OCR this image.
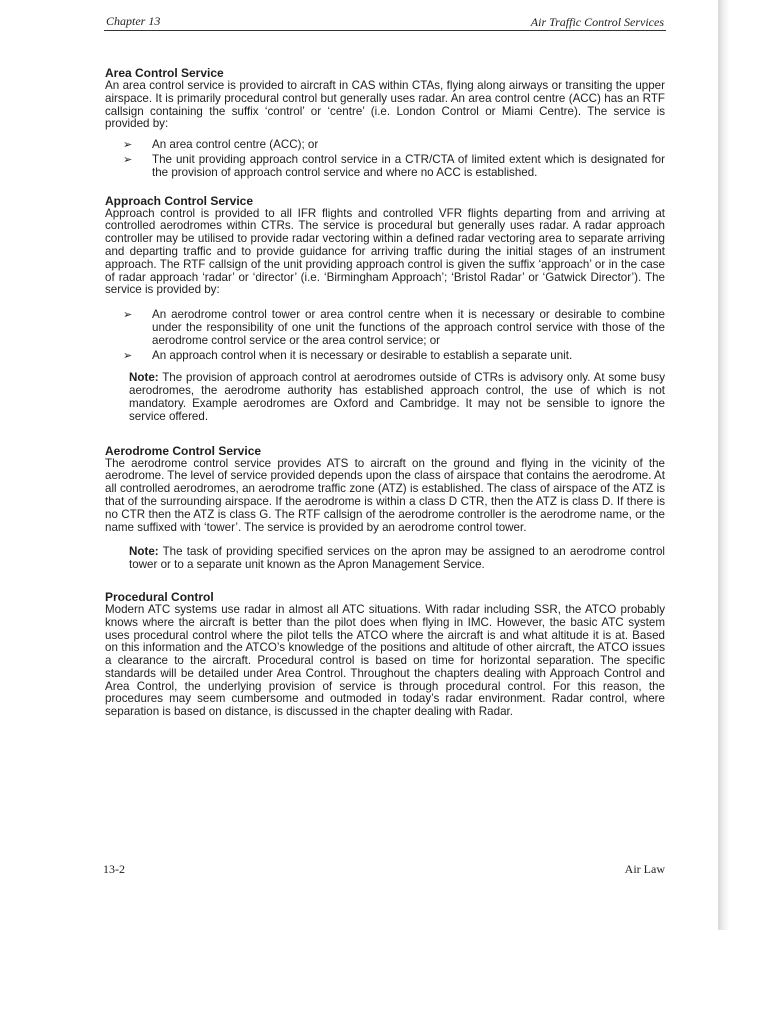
Chapter 13	Air Traffic Control Services
Area Control Service

An area control service is provided to aircraft in CAS within CTAs, flying along airways or transiting the upper airspace. It is primarily procedural control but generally uses radar. An area control centre (ACC) has an RTF callsign containing the suffix ‘control’ or ‘centre’ (i.e. London Control or Miami Centre). The service is provided by:

➢ An area control centre (ACC); or
➢ The unit providing approach control service in a CTR/CTA of limited extent which is designated for the provision of approach control service and where no ACC is established.
Approach Control Service

Approach control is provided to all IFR flights and controlled VFR flights departing from and arriving at controlled aerodromes within CTRs. The service is procedural but generally uses radar. A radar approach controller may be utilised to provide radar vectoring within a defined radar vectoring area to separate arriving and departing traffic and to provide guidance for arriving traffic during the initial stages of an instrument approach. The RTF callsign of the unit providing approach control is given the suffix ‘approach’ or in the case of radar approach ‘radar’ or ‘director’ (i.e. ‘Birmingham Approach’; ‘Bristol Radar’ or ‘Gatwick Director’). The service is provided by:

➢ An aerodrome control tower or area control centre when it is necessary or desirable to combine under the responsibility of one unit the functions of the approach control service with those of the aerodrome control service or the area control service; or
➢ An approach control when it is necessary or desirable to establish a separate unit.

Note: The provision of approach control at aerodromes outside of CTRs is advisory only. At some busy aerodromes, the aerodrome authority has established approach control, the use of which is not mandatory. Example aerodromes are Oxford and Cambridge. It may not be sensible to ignore the service offered.

Aerodrome Control Service

The aerodrome control service provides ATS to aircraft on the ground and flying in the vicinity of the aerodrome. The level of service provided depends upon the class of airspace that contains the aerodrome. At all controlled aerodromes, an aerodrome traffic zone (ATZ) is established. The class of airspace of the ATZ is that of the surrounding airspace. If the aerodrome is within a class D CTR, then the ATZ is class D. If there is no CTR then the ATZ is class G. The RTF callsign of the aerodrome controller is the aerodrome name, or the name suffixed with ‘tower’. The service is provided by an aerodrome control tower.

Note: The task of providing specified services on the apron may be assigned to an aerodrome control tower or to a separate unit known as the Apron Management Service.

Procedural Control

Modern ATC systems use radar in almost all ATC situations. With radar including SSR, the ATCO probably knows where the aircraft is better than the pilot does when flying in IMC. However, the basic ATC system uses procedural control where the pilot tells the ATCO where the aircraft is and what altitude it is at. Based on this information and the ATCO’s knowledge of the positions and altitude of other aircraft, the ATCO issues a clearance to the aircraft. Procedural control is based on time for horizontal separation. The specific standards will be detailed under Area Control. Throughout the chapters dealing with Approach Control and Area Control, the underlying provision of service is through procedural control. For this reason, the procedures may seem cumbersome and outmoded in today’s radar environment. Radar control, where separation is based on distance, is discussed in the chapter dealing with Radar.

13-2	Air Law
